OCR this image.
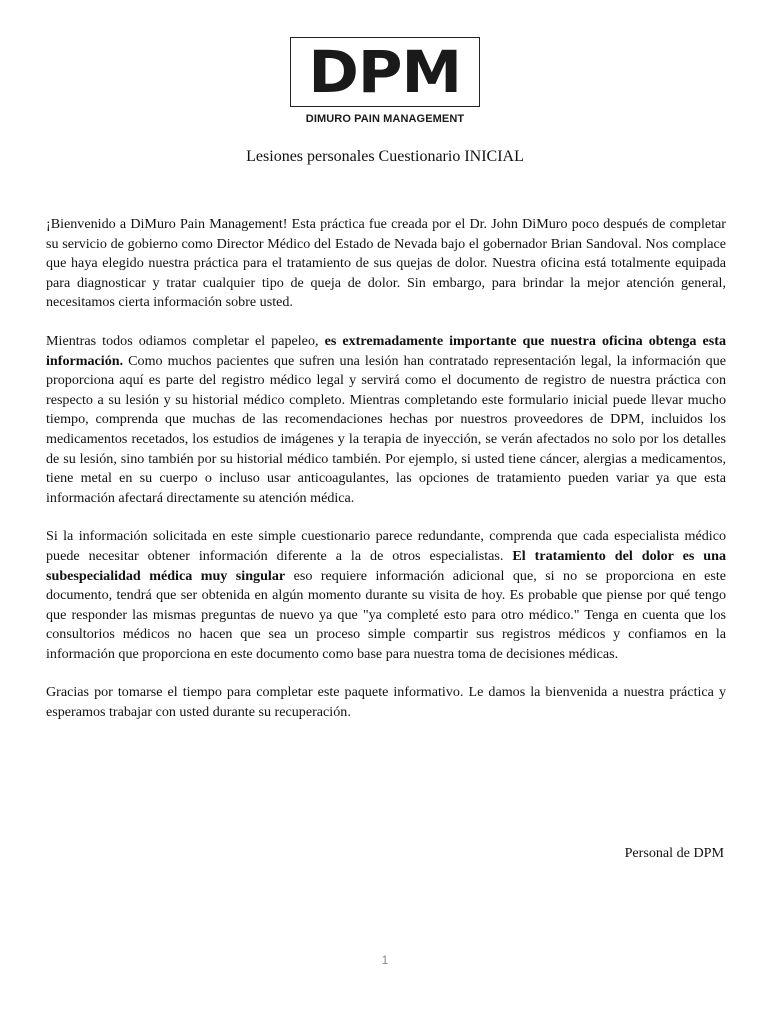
DPM
DIMURO PAIN MANAGEMENT
Lesiones personales Cuestionario INICIAL

¡Bienvenido a DiMuro Pain Management! Esta práctica fue creada por el Dr. John DiMuro poco después de completar su servicio de gobierno como Director Médico del Estado de Nevada bajo el gobernador Brian Sandoval. Nos complace que haya elegido nuestra práctica para el tratamiento de sus quejas de dolor. Nuestra oficina está totalmente equipada para diagnosticar y tratar cualquier tipo de queja de dolor. Sin embargo, para brindar la mejor atención general, necesitamos cierta información sobre usted.

Mientras todos odiamos completar el papeleo, es extremadamente importante que nuestra oficina obtenga esta información. Como muchos pacientes que sufren una lesión han contratado representación legal, la información que proporciona aquí es parte del registro médico legal y servirá como el documento de registro de nuestra práctica con respecto a su lesión y su historial médico completo. Mientras completando este formulario inicial puede llevar mucho tiempo, comprenda que muchas de las recomendaciones hechas por nuestros proveedores de DPM, incluidos los medicamentos recetados, los estudios de imágenes y la terapia de inyección, se verán afectados no solo por los detalles de su lesión, sino también por su historial médico también. Por ejemplo, si usted tiene cáncer, alergias a medicamentos, tiene metal en su cuerpo o incluso usar anticoagulantes, las opciones de tratamiento pueden variar ya que esta información afectará directamente su atención médica.

Si la información solicitada en este simple cuestionario parece redundante, comprenda que cada especialista médico puede necesitar obtener información diferente a la de otros especialistas. El tratamiento del dolor es una subespecialidad médica muy singular eso requiere información adicional que, si no se proporciona en este documento, tendrá que ser obtenida en algún momento durante su visita de hoy. Es probable que piense por qué tengo que responder las mismas preguntas de nuevo ya que "ya completé esto para otro médico." Tenga en cuenta que los consultorios médicos no hacen que sea un proceso simple compartir sus registros médicos y confiamos en la información que proporciona en este documento como base para nuestra toma de decisiones médicas.

Gracias por tomarse el tiempo para completar este paquete informativo. Le damos la bienvenida a nuestra práctica y esperamos trabajar con usted durante su recuperación.

Personal de DPM
1
